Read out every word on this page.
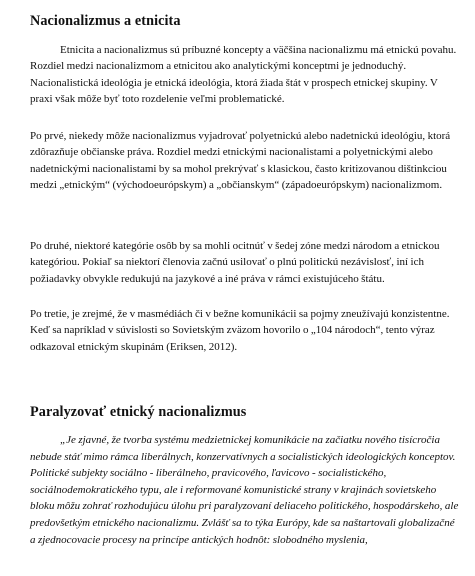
Nacionalizmus a etnicita

Etnicita a nacionalizmus sú príbuzné koncepty a väčšina nacionalizmu má etnickú povahu. Rozdiel medzi nacionalizmom a etnicitou ako analytickými konceptmi je jednoduchý. Nacionalistická ideológia je etnická ideológia, ktorá žiada štát v prospech etnickej skupiny. V praxi však môže byť toto rozdelenie veľmi problematické.

Po prvé, niekedy môže nacionalizmus vyjadrovať polyetnickú alebo nadetnickú ideológiu, ktorá zdôrazňuje občianske práva. Rozdiel medzi etnickými nacionalistami a polyetnickými alebo nadetnickými nacionalistami by sa mohol prekrývať s klasickou, často kritizovanou dištinkciou medzi „etnickým“ (východoeurópskym) a „občianskym“ (západoeurópskym) nacionalizmom.

Po druhé, niektoré kategórie osôb by sa mohli ocitnúť v šedej zóne medzi národom a etnickou kategóriou. Pokiaľ sa niektorí členovia začnú usilovať o plnú politickú nezávislosť, iní ich požiadavky obvykle redukujú na jazykové a iné práva v rámci existujúceho štátu.

Po tretie, je zrejmé, že v masmédiách či v bežne komunikácii sa pojmy zneužívajú konzistentne. Keď sa napríklad v súvislosti so Sovietským zväzom hovorilo o „104 národoch“, tento výraz odkazoval etnickým skupinám (Eriksen, 2012).

Paralyzovať etnický nacionalizmus

„Je zjavné, že tvorba systému medzietnickej komunikácie na začiatku nového tisícročia nebude stáť mimo rámca liberálnych, konzervatívnych a socialistických ideologických konceptov. Politické subjekty sociálno - liberálneho, pravicového, ľavicovo - socialistického, sociálnodemokratického typu, ale i reformované komunistické strany v krajinách sovietskeho bloku môžu zohrať rozhodujúcu úlohu pri paralyzovaní deliaceho politického, hospodárskeho, ale predovšetkým etnického nacionalizmu. Zvlášť sa to týka Európy, kde sa naštartovali globalizačné a zjednocovacie procesy na princípe antických hodnôt: slobodného myslenia,
